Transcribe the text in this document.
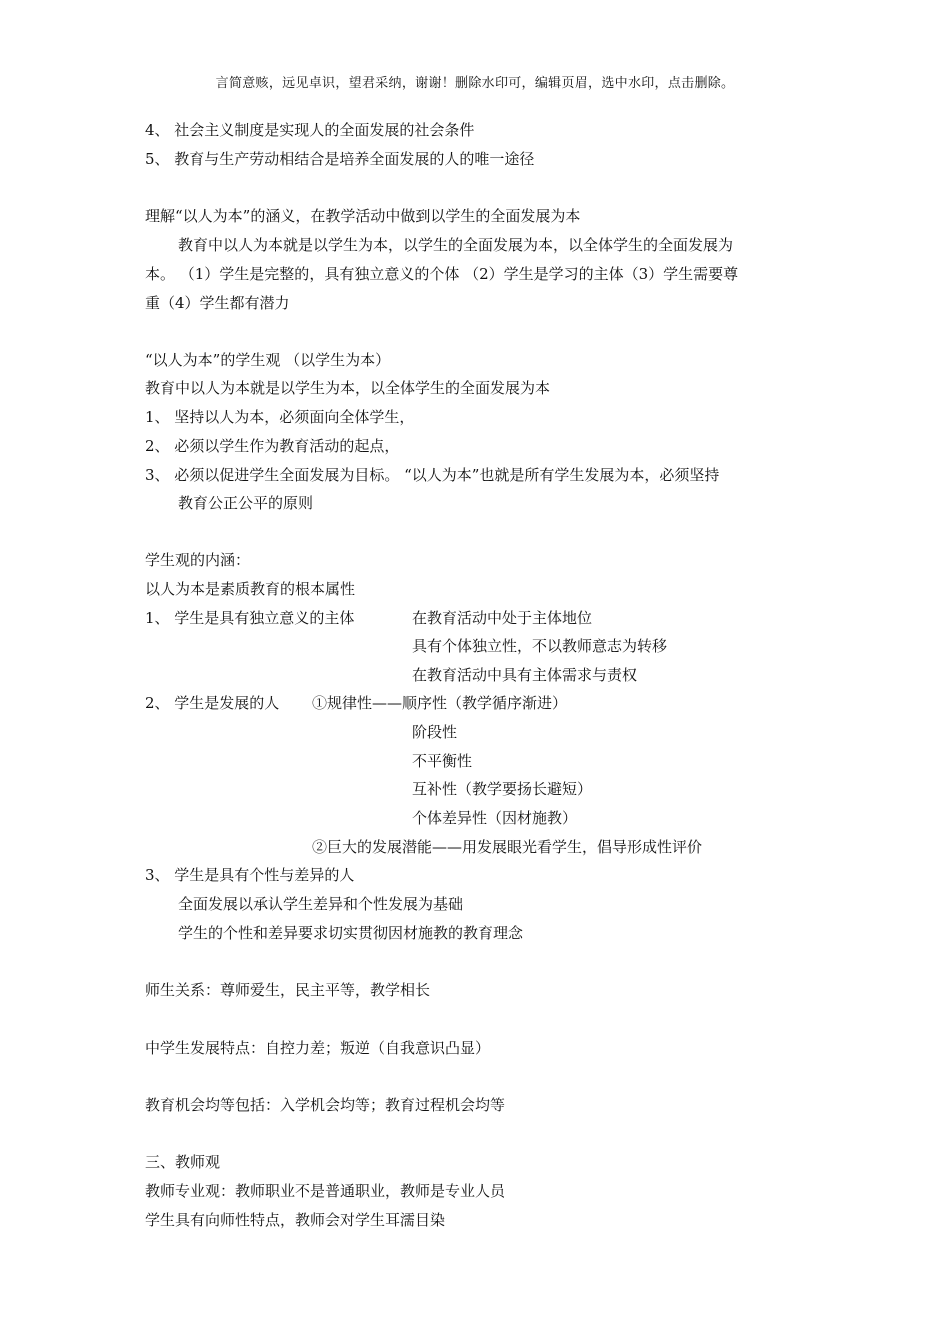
言简意赅，远见卓识，望君采纳，谢谢！删除水印可，编辑页眉，选中水印，点击删除。
4、 社会主义制度是实现人的全面发展的社会条件
5、 教育与生产劳动相结合是培养全面发展的人的唯一途径
理解“以人为本”的涵义，在教学活动中做到以学生的全面发展为本
教育中以人为本就是以学生为本，以学生的全面发展为本，以全体学生的全面发展为
本。 （1）学生是完整的，具有独立意义的个体 （2）学生是学习的主体（3）学生需要尊
重（4）学生都有潜力
“以人为本”的学生观 （以学生为本）
教育中以人为本就是以学生为本，以全体学生的全面发展为本
1、 坚持以人为本，必须面向全体学生，
2、 必须以学生作为教育活动的起点，
3、 必须以促进学生全面发展为目标。 “以人为本”也就是所有学生发展为本，必须坚持
教育公正公平的原则
学生观的内涵：
以人为本是素质教育的根本属性
1、 学生是具有独立意义的主体	在教育活动中处于主体地位
具有个体独立性，不以教师意志为转移
在教育活动中具有主体需求与责权
2、 学生是发展的人 ①规律性——顺序性（教学循序渐进）
阶段性
不平衡性
互补性（教学要扬长避短）
个体差异性（因材施教）
②巨大的发展潜能——用发展眼光看学生，倡导形成性评价
3、 学生是具有个性与差异的人
全面发展以承认学生差异和个性发展为基础
学生的个性和差异要求切实贯彻因材施教的教育理念
师生关系：尊师爱生，民主平等，教学相长
中学生发展特点：自控力差；叛逆（自我意识凸显）
教育机会均等包括：入学机会均等；教育过程机会均等
三、教师观
教师专业观：教师职业不是普通职业，教师是专业人员
学生具有向师性特点，教师会对学生耳濡目染
